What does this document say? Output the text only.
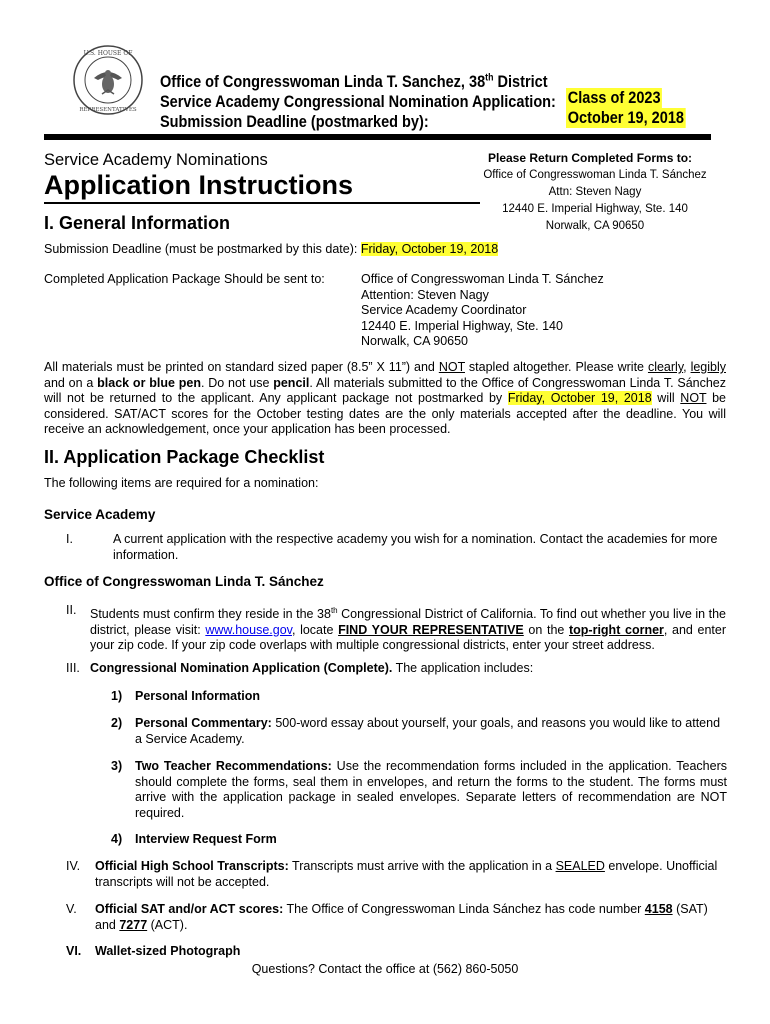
U.S. HOUSE OF
REPRESENTATIVES
Office of Congresswoman Linda T. Sanchez, 38th District
Service Academy Congressional Nomination Application:
Submission Deadline (postmarked by):
Class of 2023
October 19, 2018
Service Academy Nominations
Application Instructions
Please Return Completed Forms to:
Office of Congresswoman Linda T. Sánchez
Attn: Steven Nagy
12440 E. Imperial Highway, Ste. 140
Norwalk, CA 90650
I. General Information
Submission Deadline (must be postmarked by this date): Friday, October 19, 2018
Completed Application Package Should be sent to:	Office of Congresswoman Linda T. Sánchez
Attention: Steven Nagy
Service Academy Coordinator
12440 E. Imperial Highway, Ste. 140
Norwalk, CA 90650
All materials must be printed on standard sized paper (8.5” X 11”) and NOT stapled altogether. Please write clearly, legibly and on a black or blue pen. Do not use pencil. All materials submitted to the Office of Congresswoman Linda T. Sánchez will not be returned to the applicant. Any applicant package not postmarked by Friday, October 19, 2018 will NOT be considered. SAT/ACT scores for the October testing dates are the only materials accepted after the deadline. You will receive an acknowledgement, once your application has been processed.
II. Application Package Checklist
The following items are required for a nomination:
Service Academy
I.	A current application with the respective academy you wish for a nomination. Contact the academies for more information.
Office of Congresswoman Linda T. Sánchez
II. Students must confirm they reside in the 38th Congressional District of California. To find out whether you live in the district, please visit: www.house.gov, locate FIND YOUR REPRESENTATIVE on the top-right corner, and enter your zip code. If your zip code overlaps with multiple congressional districts, enter your street address.
III. Congressional Nomination Application (Complete). The application includes:
1) Personal Information
2) Personal Commentary: 500-word essay about yourself, your goals, and reasons you would like to attend a Service Academy.
3) Two Teacher Recommendations: Use the recommendation forms included in the application. Teachers should complete the forms, seal them in envelopes, and return the forms to the student. The forms must arrive with the application package in sealed envelopes. Separate letters of recommendation are NOT required.
4) Interview Request Form
IV. Official High School Transcripts: Transcripts must arrive with the application in a SEALED envelope. Unofficial transcripts will not be accepted.
V. Official SAT and/or ACT scores: The Office of Congresswoman Linda Sánchez has code number 4158 (SAT) and 7277 (ACT).
VI. Wallet-sized Photograph
Questions? Contact the office at (562) 860-5050
